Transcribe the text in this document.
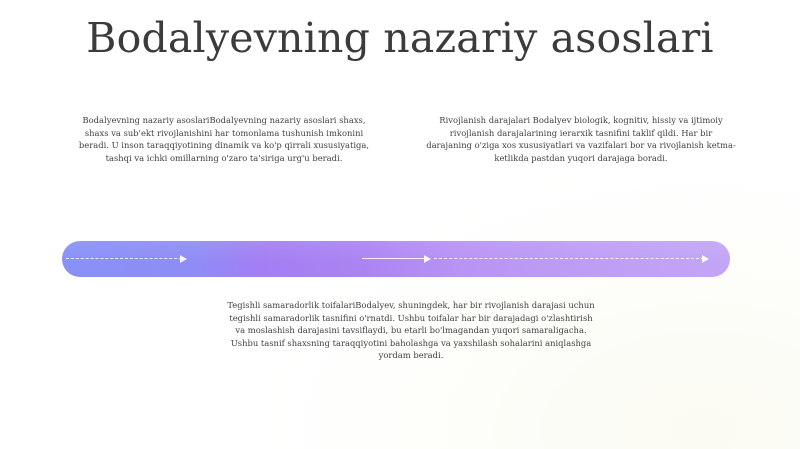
Bodalyevning nazariy asoslari

Bodalyevning nazariy asoslariBodalyevning nazariy asoslari shaxs, shaxs va sub'ekt rivojlanishini har tomonlama tushunish imkonini beradi. U inson taraqqiyotining dinamik va ko'p qirrali xususiyatiga, tashqi va ichki omillarning o'zaro ta'siriga urg'u beradi.

Rivojlanish darajalari Bodalyev biologik, kognitiv, hissiy va ijtimoiy rivojlanish darajalarining ierarxik tasnifini taklif qildi. Har bir darajaning o'ziga xos xususiyatlari va vazifalari bor va rivojlanish ketma-ketlikda pastdan yuqori darajaga boradi.

Tegishli samaradorlik toifalariBodalyev, shuningdek, har bir rivojlanish darajasi uchun tegishli samaradorlik tasnifini o'rnatdi. Ushbu toifalar har bir darajadagi o'zlashtirish va moslashish darajasini tavsiflaydi, bu etarli bo'lmagandan yuqori samaraligacha. Ushbu tasnif shaxsning taraqqiyotini baholashga va yaxshilash sohalarini aniqlashga yordam beradi.
